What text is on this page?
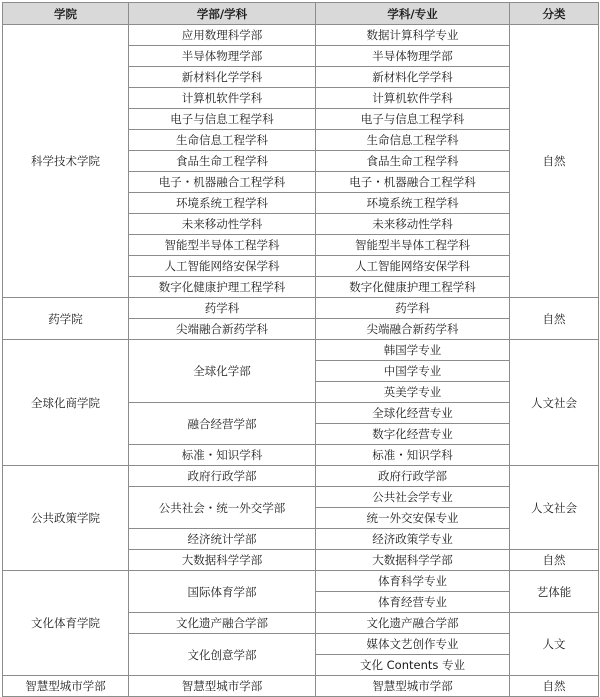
学院	学部/学科	学科/专业	分类
科学技术学院	应用数理科学部	数据计算科学专业	自然
	半导体物理学部	半导体物理学部	
	新材料化学学科	新材料化学学科	
	计算机软件学科	计算机软件学科	
	电子与信息工程学科	电子与信息工程学科	
	生命信息工程学科	生命信息工程学科	
	食品生命工程学科	食品生命工程学科	
	电子・机器融合工程学科	电子・机器融合工程学科	
	环境系统工程学科	环境系统工程学科	
	未来移动性学科	未来移动性学科	
	智能型半导体工程学科	智能型半导体工程学科	
	人工智能网络安保学科	人工智能网络安保学科	
	数字化健康护理工程学科	数字化健康护理工程学科	
药学院	药学科	药学科	自然
	尖端融合新药学科	尖端融合新药学科	
全球化商学院	全球化学部	韩国学专业	人文社会
		中国学专业	
		英美学专业	
	融合经营学部	全球化经营专业	
		数字化经营专业	
	标准・知识学科	标准・知识学科	
公共政策学院	政府行政学部	政府行政学部	人文社会
	公共社会・统一外交学部	公共社会学专业	
		统一外交安保专业	
	经济统计学部	经济政策学专业	
	大数据科学学部	大数据科学学部	自然
文化体育学院	国际体育学部	体育科学专业	艺体能
		体育经营专业	
	文化遗产融合学部	文化遗产融合学部	人文
	文化创意学部	媒体文艺创作专业	
		文化 Contents 专业	
智慧型城市学部	智慧型城市学部	智慧型城市学部	自然
